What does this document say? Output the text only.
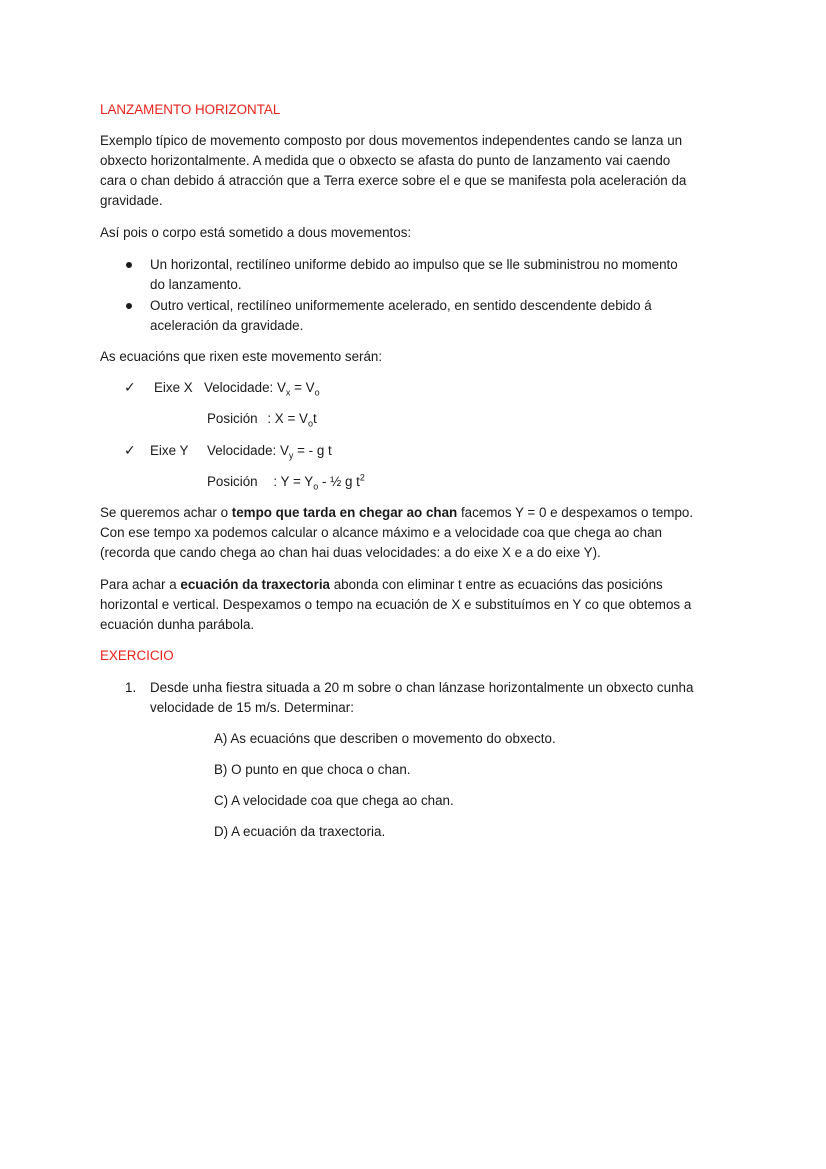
LANZAMENTO HORIZONTAL
Exemplo típico de movemento composto por dous movementos independentes cando se lanza un
obxecto horizontalmente. A medida que o obxecto se afasta do punto de lanzamento vai caendo
cara o chan debido á atracción que a Terra exerce sobre el e que se manifesta pola aceleración da
gravidade.
Así pois o corpo está sometido a dous movementos:
Un horizontal, rectilíneo uniforme debido ao impulso que se lle subministrou no momento
do lanzamento.
Outro vertical, rectilíneo uniformemente acelerado, en sentido descendente debido á
aceleración da gravidade.
As ecuacións que rixen este movemento serán:
✓ Eixe X Velocidade: $V_x = V_o$
Posición : $X = V_ot$
✓ Eixe Y Velocidade: $V_y$ = - g t
Posición : $Y = Y_o$ - ½ g $t^2$
Se queremos achar o tempo que tarda en chegar ao chan facemos Y = 0 e despexamos o tempo.
Con ese tempo xa podemos calcular o alcance máximo e a velocidade coa que chega ao chan
(recorda que cando chega ao chan hai duas velocidades: a do eixe X e a do eixe Y).
Para achar a ecuación da traxectoria abonda con eliminar t entre as ecuacións das posicións
horizontal e vertical. Despexamos o tempo na ecuación de X e substituímos en Y co que obtemos a
ecuación dunha parábola.
EXERCICIO
1. Desde unha fiestra situada a 20 m sobre o chan lánzase horizontalmente un obxecto cunha
velocidade de 15 m/s. Determinar:
A) As ecuacións que describen o movemento do obxecto.
B) O punto en que choca o chan.
C) A velocidade coa que chega ao chan.
D) A ecuación da traxectoria.
